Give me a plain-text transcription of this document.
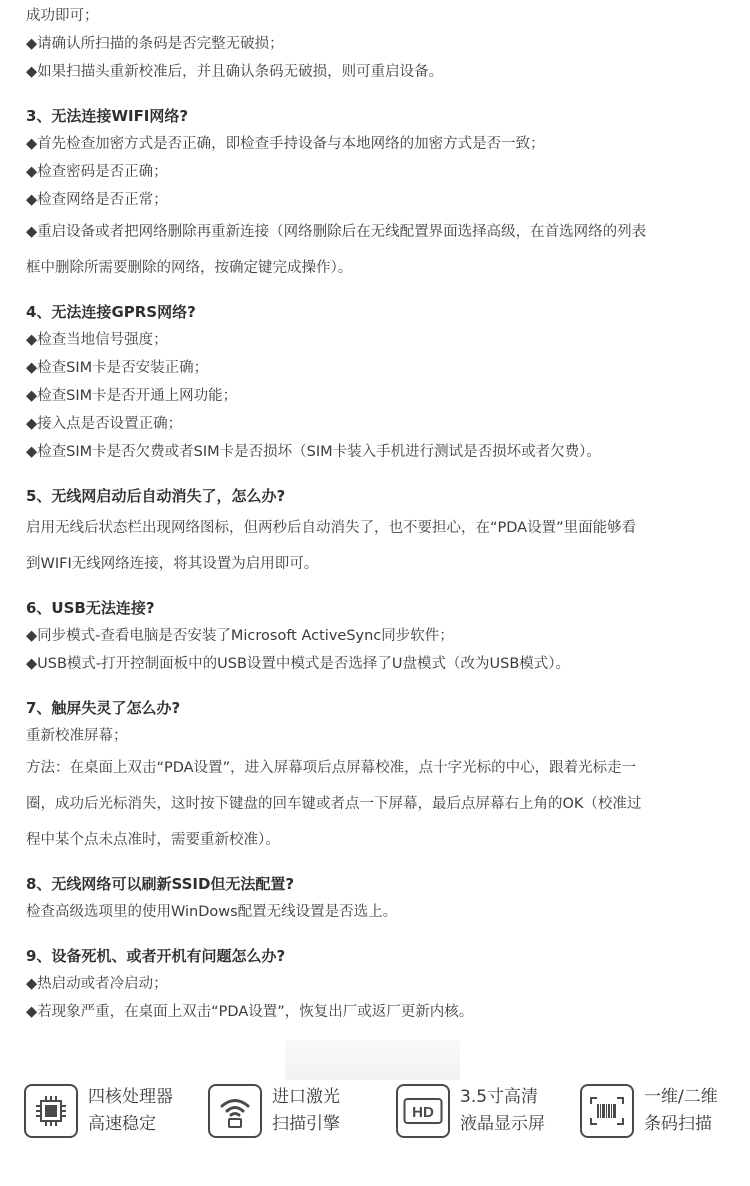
成功即可；
◆请确认所扫描的条码是否完整无破损；
◆如果扫描头重新校准后，并且确认条码无破损，则可重启设备。
3、无法连接WIFI网络?
◆首先检查加密方式是否正确，即检查手持设备与本地网络的加密方式是否一致；
◆检查密码是否正确；
◆检查网络是否正常；
◆重启设备或者把网络删除再重新连接（网络删除后在无线配置界面选择高级，在首选网络的列表
框中删除所需要删除的网络，按确定键完成操作）。
4、无法连接GPRS网络?
◆检查当地信号强度；
◆检查SIM卡是否安装正确；
◆检查SIM卡是否开通上网功能；
◆接入点是否设置正确；
◆检查SIM卡是否欠费或者SIM卡是否损坏（SIM卡装入手机进行测试是否损坏或者欠费）。
5、无线网启动后自动消失了，怎么办?
启用无线后状态栏出现网络图标，但两秒后自动消失了，也不要担心，在“PDA设置”里面能够看
到WIFI无线网络连接，将其设置为启用即可。
6、USB无法连接?
◆同步模式-查看电脑是否安装了Microsoft ActiveSync同步软件；
◆USB模式-打开控制面板中的USB设置中模式是否选择了U盘模式（改为USB模式）。
7、触屏失灵了怎么办?
重新校准屏幕；
方法：在桌面上双击“PDA设置”，进入屏幕项后点屏幕校准，点十字光标的中心，跟着光标走一
圈，成功后光标消失，这时按下键盘的回车键或者点一下屏幕，最后点屏幕右上角的OK（校准过
程中某个点未点准时，需要重新校准）。
8、无线网络可以刷新SSID但无法配置?
检查高级选项里的使用WinDows配置无线设置是否选上。
9、设备死机、或者开机有问题怎么办?
◆热启动或者冷启动；
◆若现象严重，在桌面上双击“PDA设置”，恢复出厂或返厂更新内核。
四核处理器
高速稳定
进口激光
扫描引擎
HD
3.5寸高清
液晶显示屏
一维/二维
条码扫描
